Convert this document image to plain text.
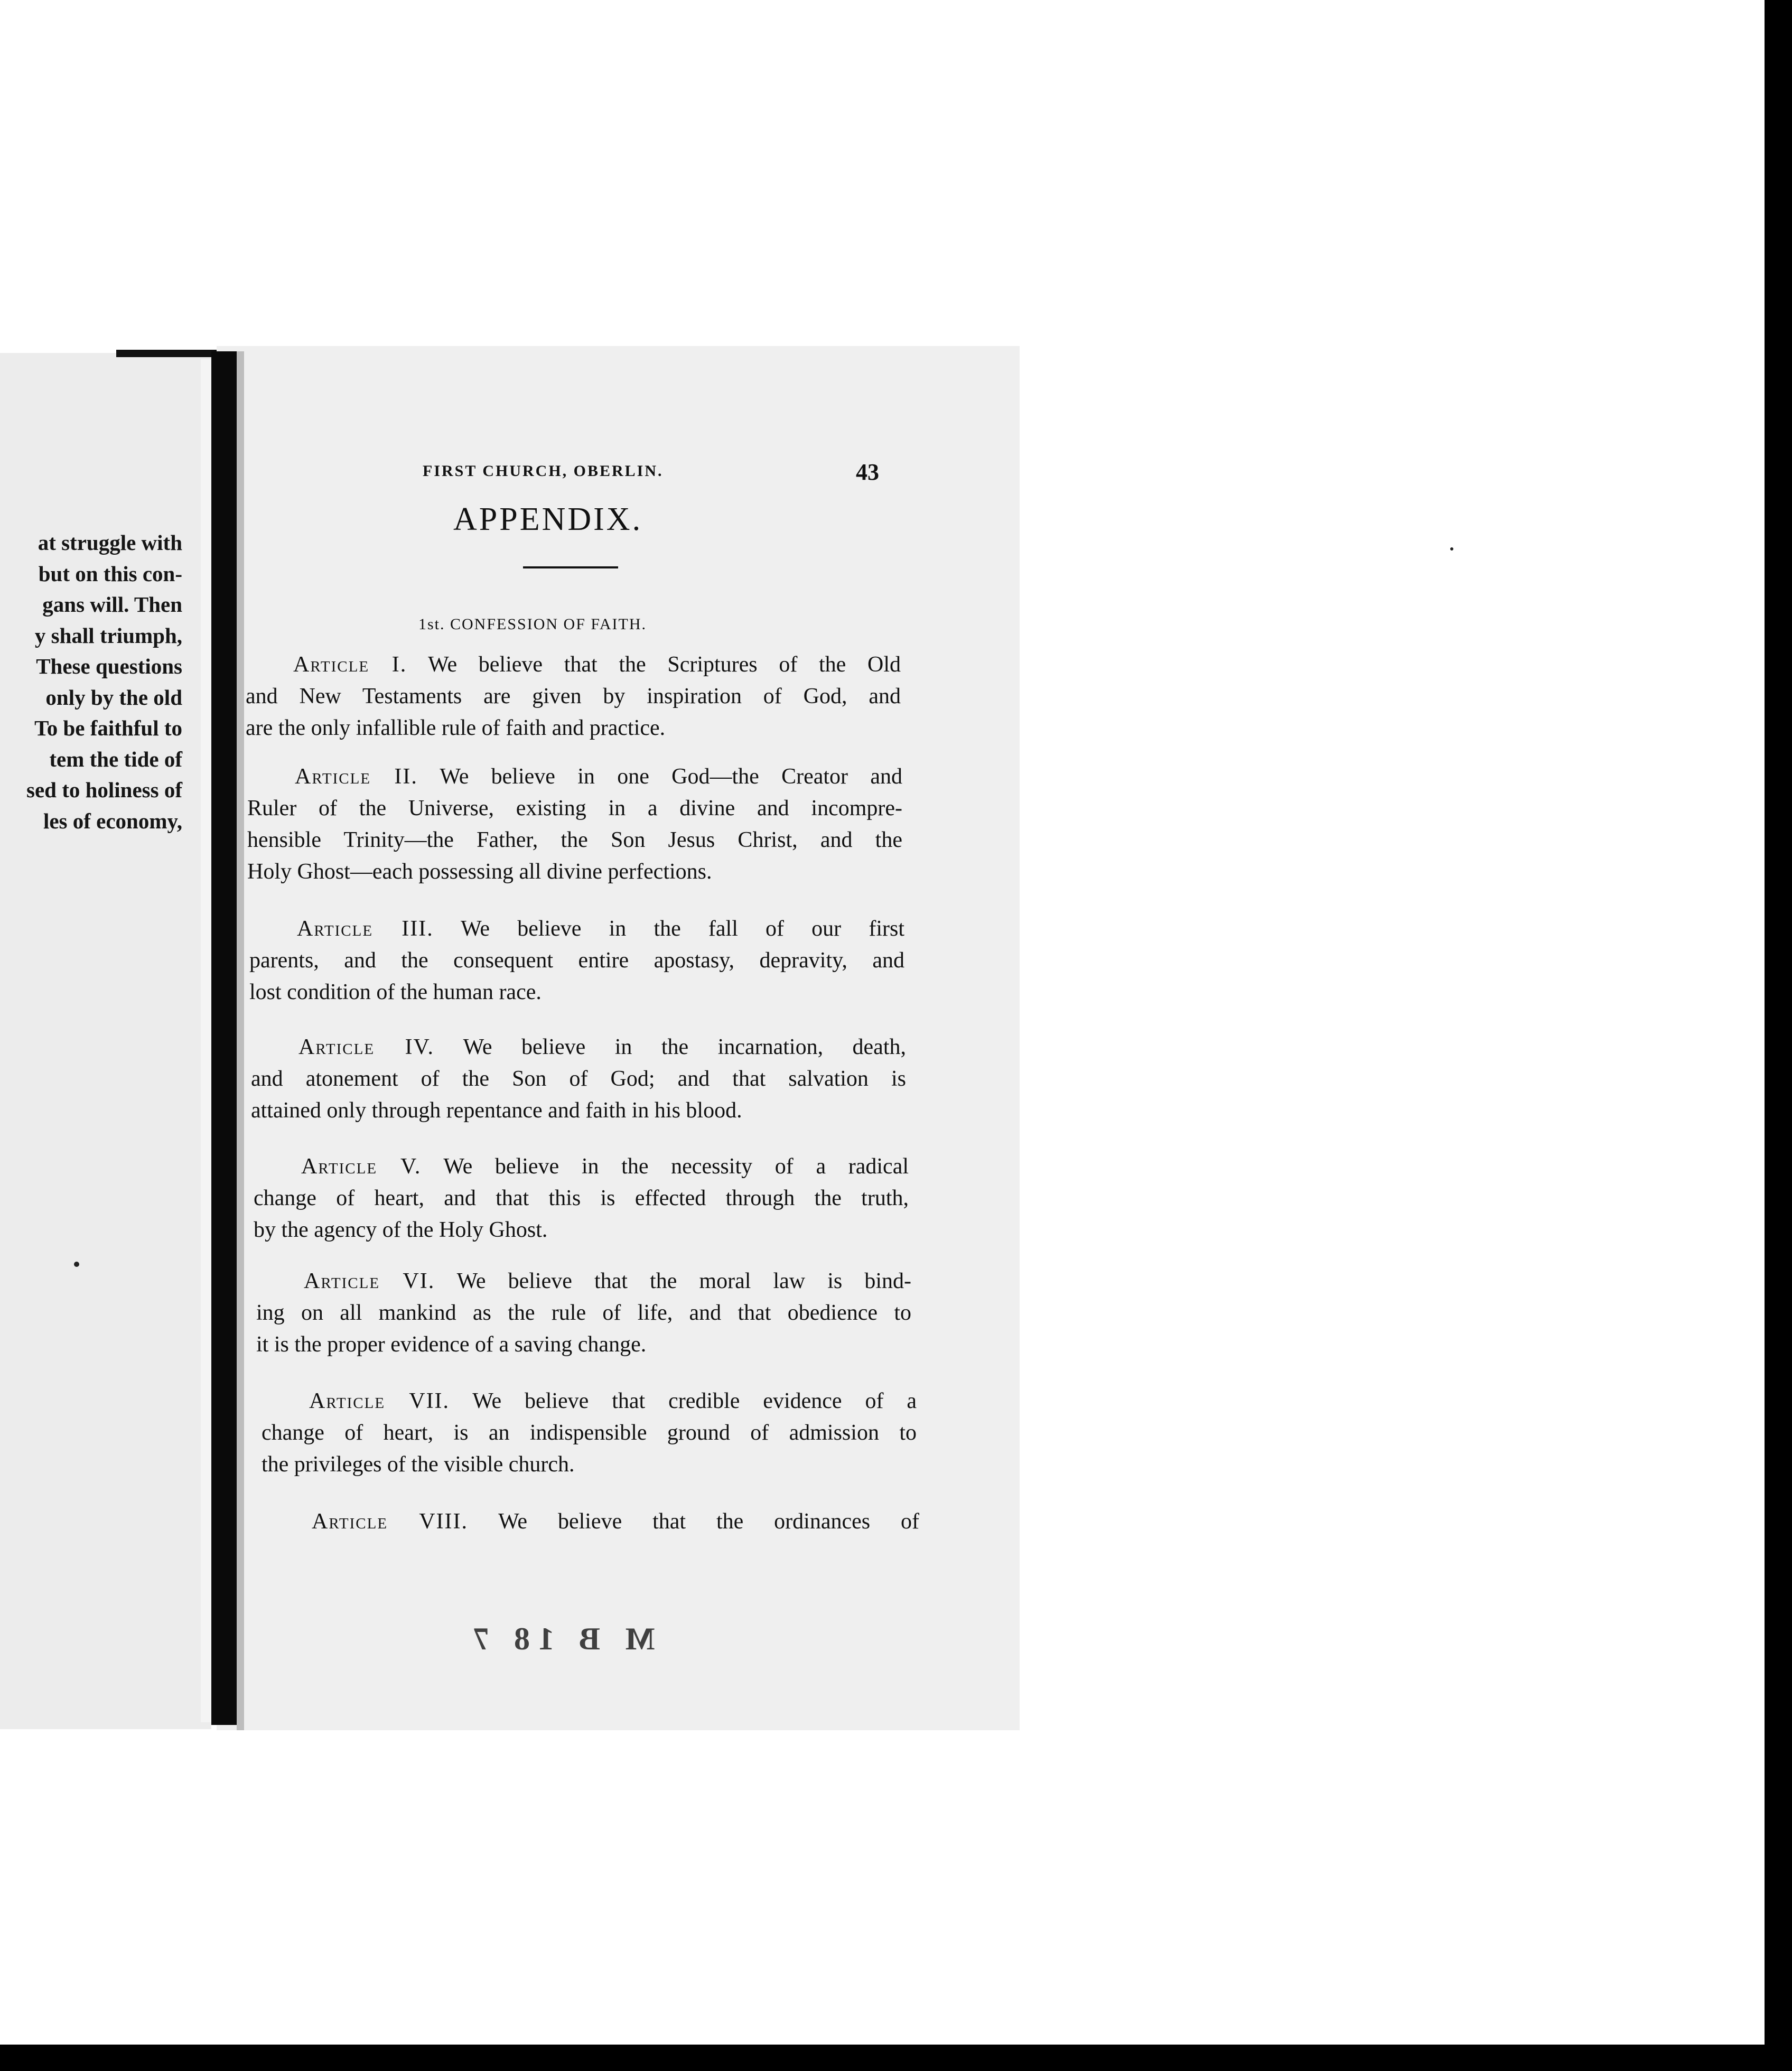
at struggle with
but on this con-
gans will. Then
y shall triumph,
These questions
only by the old
To be faithful to
tem the tide of
sed to holiness of
les of economy,
FIRST CHURCH, OBERLIN.	43
APPENDIX.
1st. CONFESSION OF FAITH.
Article I. We believe that the Scriptures of the Old
and New Testaments are given by inspiration of God, and
are the only infallible rule of faith and practice.
Article II. We believe in one God—the Creator and
Ruler of the Universe, existing in a divine and incompre-
hensible Trinity—the Father, the Son Jesus Christ, and the
Holy Ghost—each possessing all divine perfections.
Article III. We believe in the fall of our first
parents, and the consequent entire apostasy, depravity, and
lost condition of the human race.
Article IV. We believe in the incarnation, death,
and atonement of the Son of God; and that salvation is
attained only through repentance and faith in his blood.
Article V. We believe in the necessity of a radical
change of heart, and that this is effected through the truth,
by the agency of the Holy Ghost.
Article VI. We believe that the moral law is bind-
ing on all mankind as the rule of life, and that obedience to
it is the proper evidence of a saving change.
Article VII. We believe that credible evidence of a
change of heart, is an indispensible ground of admission to
the privileges of the visible church.
Article VIII. We believe that the ordinances of
M B 18 7
